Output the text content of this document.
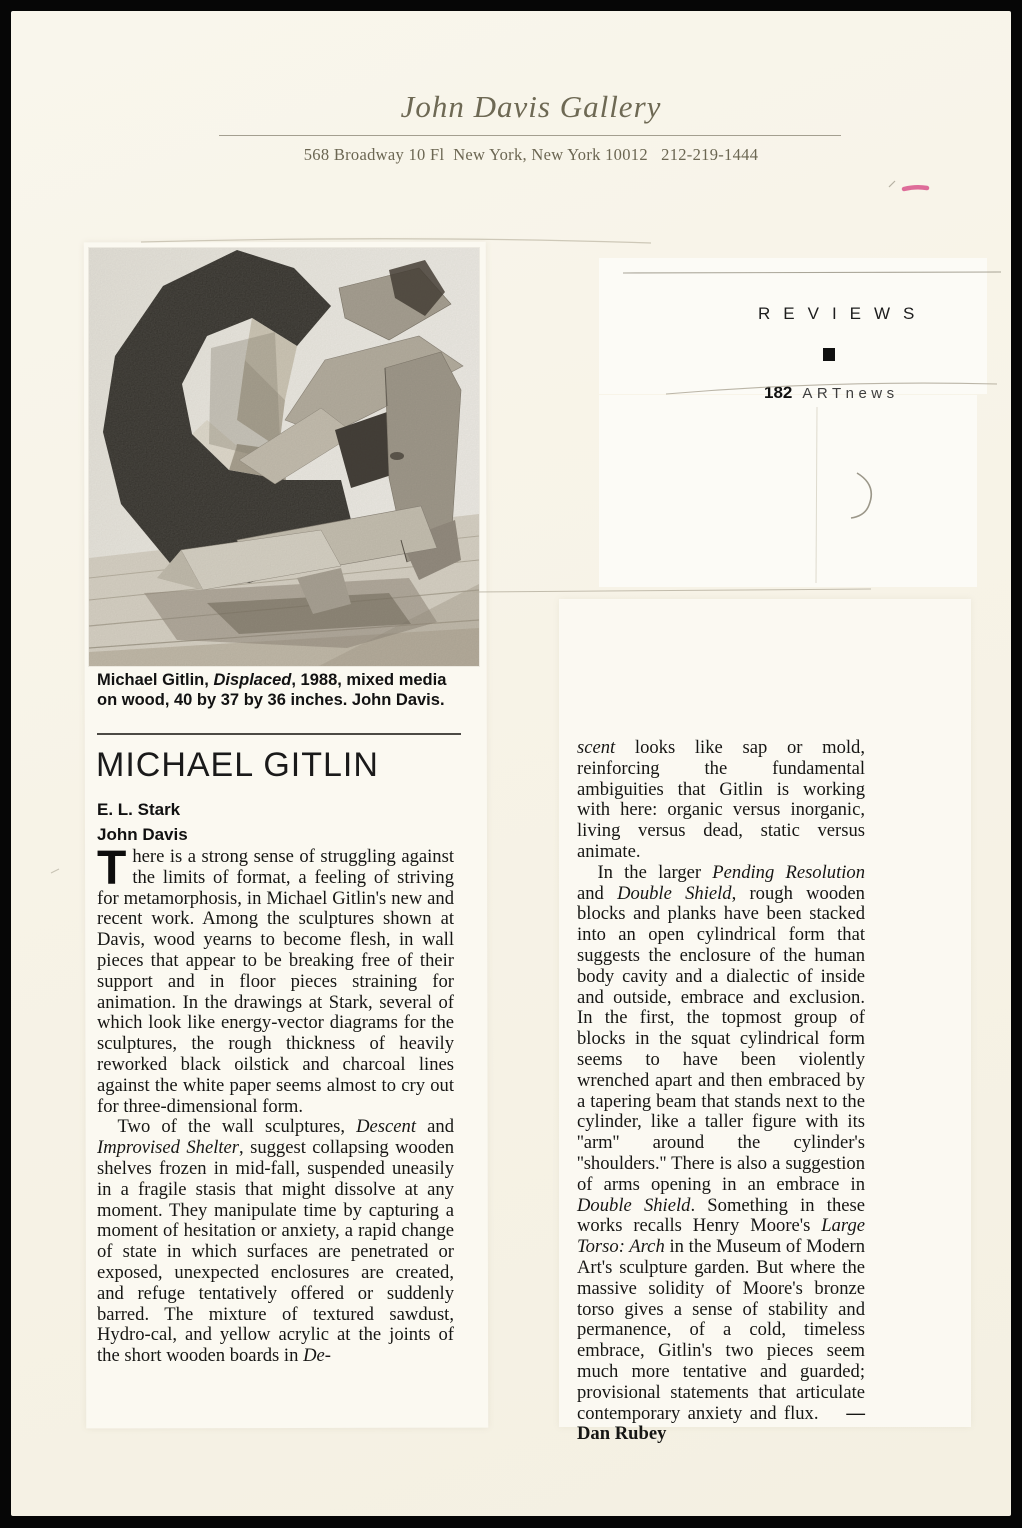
John Davis Gallery
568 Broadway 10 Fl  New York, New York 10012   212-219-1444
REVIEWS
182 ARTnews
Michael Gitlin, Displaced, 1988, mixed media on wood, 40 by 37 by 36 inches. John Davis.
MICHAEL GITLIN
E. L. Stark
John Davis

There is a strong sense of struggling against the limits of format, a feeling of striving for metamorphosis, in Michael Gitlin's new and recent work. Among the sculptures shown at Davis, wood yearns to become flesh, in wall pieces that appear to be breaking free of their support and in floor pieces straining for animation. In the drawings at Stark, several of which look like energy-vector diagrams for the sculptures, the rough thickness of heavily reworked black oilstick and charcoal lines against the white paper seems almost to cry out for three-dimensional form.

Two of the wall sculptures, Descent and Improvised Shelter, suggest collapsing wooden shelves frozen in mid-fall, suspended uneasily in a fragile stasis that might dissolve at any moment. They manipulate time by capturing a moment of hesitation or anxiety, a rapid change of state in which surfaces are penetrated or exposed, unexpected enclosures are created, and refuge tentatively offered or suddenly barred. The mixture of textured sawdust, Hydro-cal, and yellow acrylic at the joints of the short wooden boards in De-

scent looks like sap or mold, reinforcing the fundamental ambiguities that Gitlin is working with here: organic versus inorganic, living versus dead, static versus animate.

In the larger Pending Resolution and Double Shield, rough wooden blocks and planks have been stacked into an open cylindrical form that suggests the enclosure of the human body cavity and a dialectic of inside and outside, embrace and exclusion. In the first, the topmost group of blocks in the squat cylindrical form seems to have been violently wrenched apart and then embraced by a tapering beam that stands next to the cylinder, like a taller figure with its ''arm'' around the cylinder's ''shoulders.'' There is also a suggestion of arms opening in an embrace in Double Shield. Something in these works recalls Henry Moore's Large Torso: Arch in the Museum of Modern Art's sculpture garden. But where the massive solidity of Moore's bronze torso gives a sense of stability and permanence, of a cold, timeless embrace, Gitlin's two pieces seem much more tentative and guarded; provisional statements that articulate contemporary anxiety and flux.   —Dan Rubey
